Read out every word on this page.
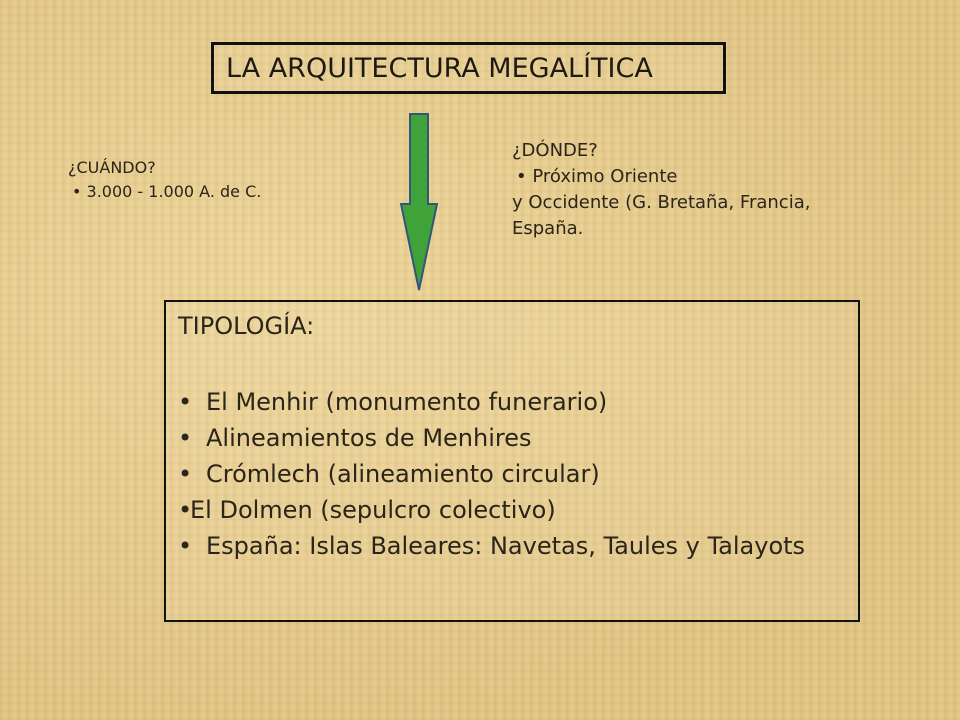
LA ARQUITECTURA MEGALÍTICA
¿CUÁNDO?
• 3.000 - 1.000 A. de C.
¿DÓNDE?
• Próximo Oriente
y Occidente (G. Bretaña, Francia,
España.
TIPOLOGÍA:
• El Menhir (monumento funerario)
• Alineamientos de Menhires
• Crómlech (alineamiento circular)
•
El Dolmen (sepulcro colectivo)
• España: Islas Baleares: Navetas, Taules y Talayots
